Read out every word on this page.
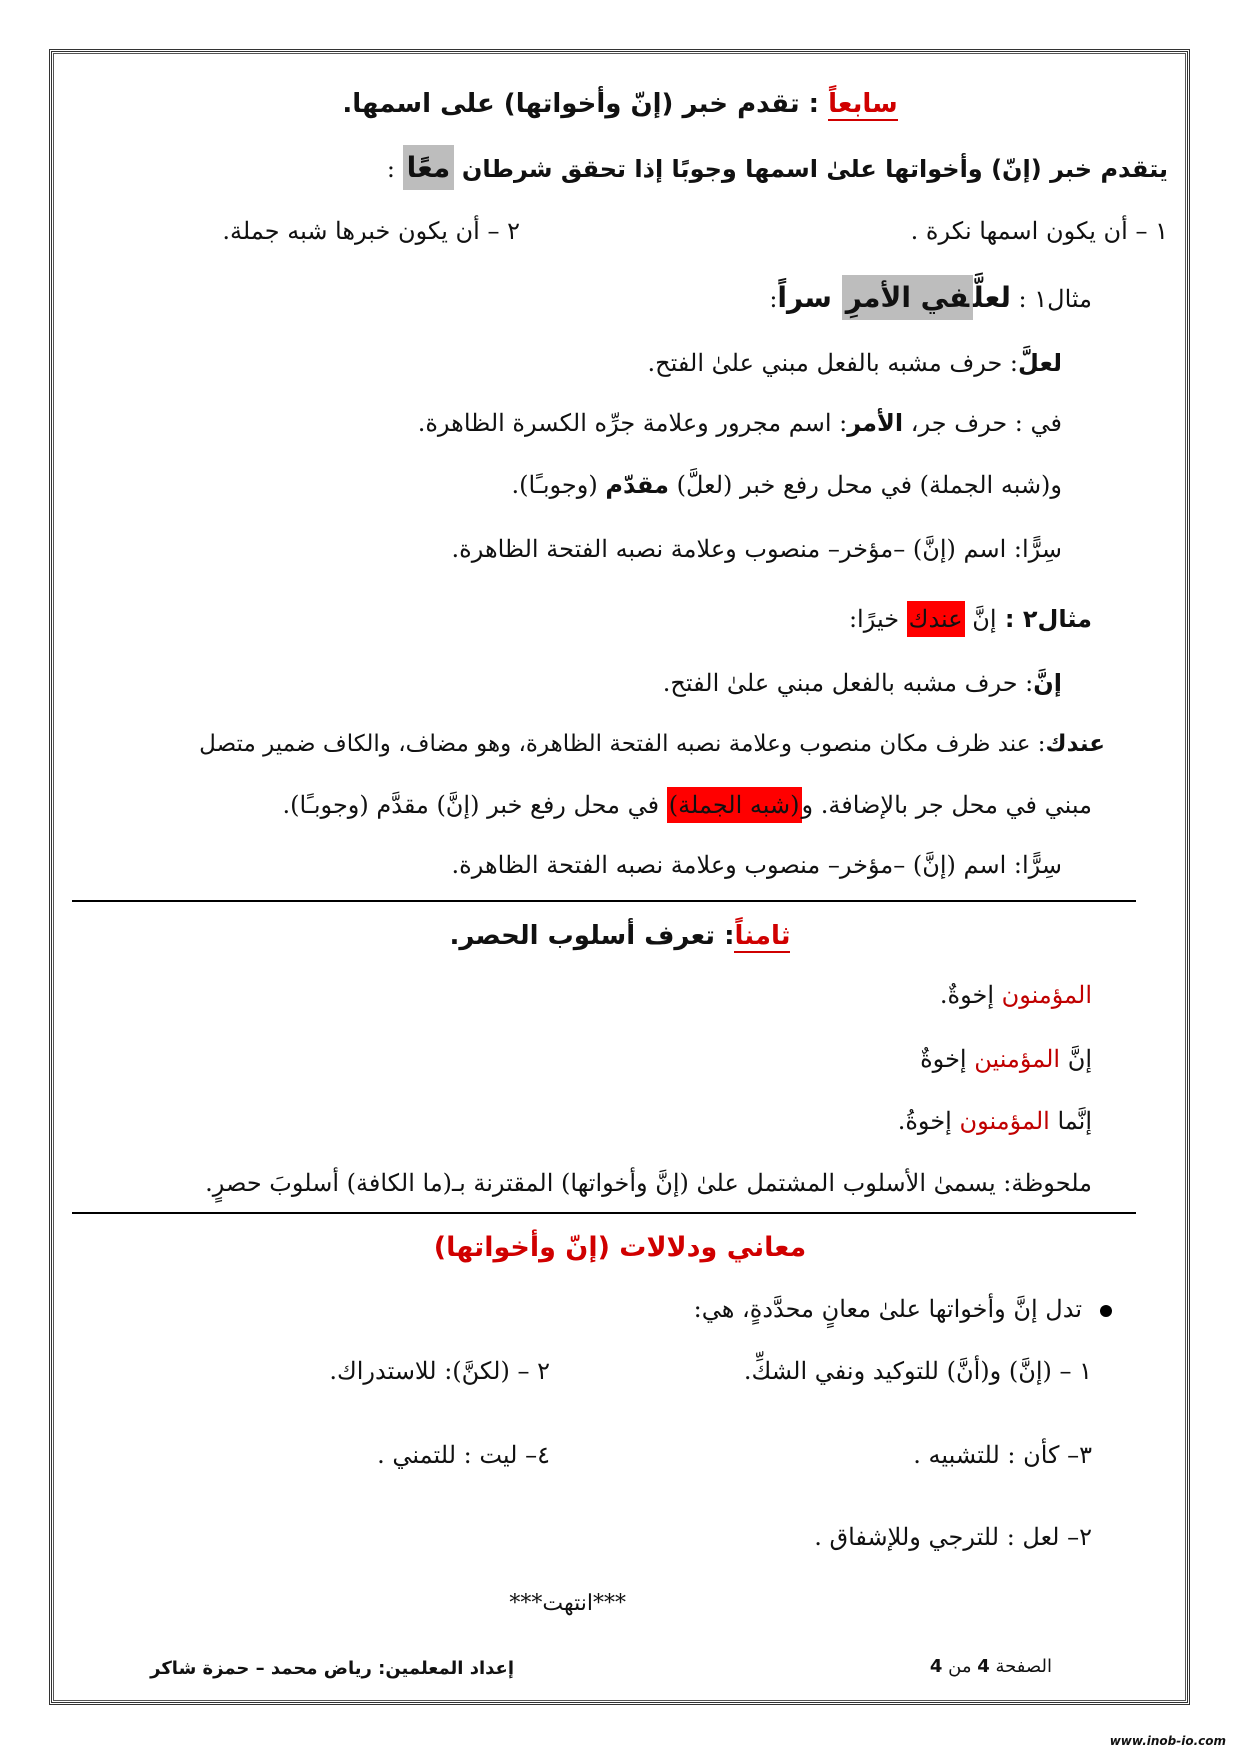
سابعاً : تقدم خبر (إنّ وأخواتها) على اسمها.
يتقدم خبر (إنّ) وأخواتها علىٰ اسمها وجوبًا إذا تحقق شرطان معًا :
١ – أن يكون اسمها نكرة .
٢ – أن يكون خبرها شبه جملة.
مثال١ : لعلَّفي الأمرِ سراً:
لعلَّ: حرف مشبه بالفعل مبني علىٰ الفتح.
في : حرف جر، الأمر: اسم مجرور وعلامة جرِّه الكسرة الظاهرة.
و(شبه الجملة) في محل رفع خبر (لعلَّ) مقدّم (وجوبـًا).
سِرًّا: اسم (إنَّ) –مؤخر– منصوب وعلامة نصبه الفتحة الظاهرة.
مثال٢ : إنَّ عندك خيرًا:
إنَّ: حرف مشبه بالفعل مبني علىٰ الفتح.
عندك: عند ظرف مكان منصوب وعلامة نصبه الفتحة الظاهرة، وهو مضاف، والكاف ضمير متصل
مبني في محل جر بالإضافة. و(شبه الجملة) في محل رفع خبر (إنَّ) مقدَّم (وجوبـًا).
سِرًّا: اسم (إنَّ) –مؤخر– منصوب وعلامة نصبه الفتحة الظاهرة.
ثامناً: تعرف أسلوب الحصر.
المؤمنون إخوةٌ.
إنَّ المؤمنين إخوةٌ
إنَّما المؤمنون إخوةُ.
ملحوظة: يسمىٰ الأسلوب المشتمل علىٰ (إنَّ وأخواتها) المقترنة بـ(ما الكافة) أسلوبَ حصرٍ.
معاني ودلالات (إنّ وأخواتها)
تدل إنَّ وأخواتها علىٰ معانٍ محدَّدةٍ، هي:
١ – (إنَّ) و(أنَّ) للتوكيد ونفي الشكِّ.
٢ – (لكنَّ): للاستدراك.
٣– كأن : للتشبيه .
٤– ليت : للتمني .
٢– لعل : للترجي وللإشفاق .
***انتهت***
الصفحة 4 من 4
إعداد المعلمين: رياض محمد – حمزة شاكر
www.inob-io.com
